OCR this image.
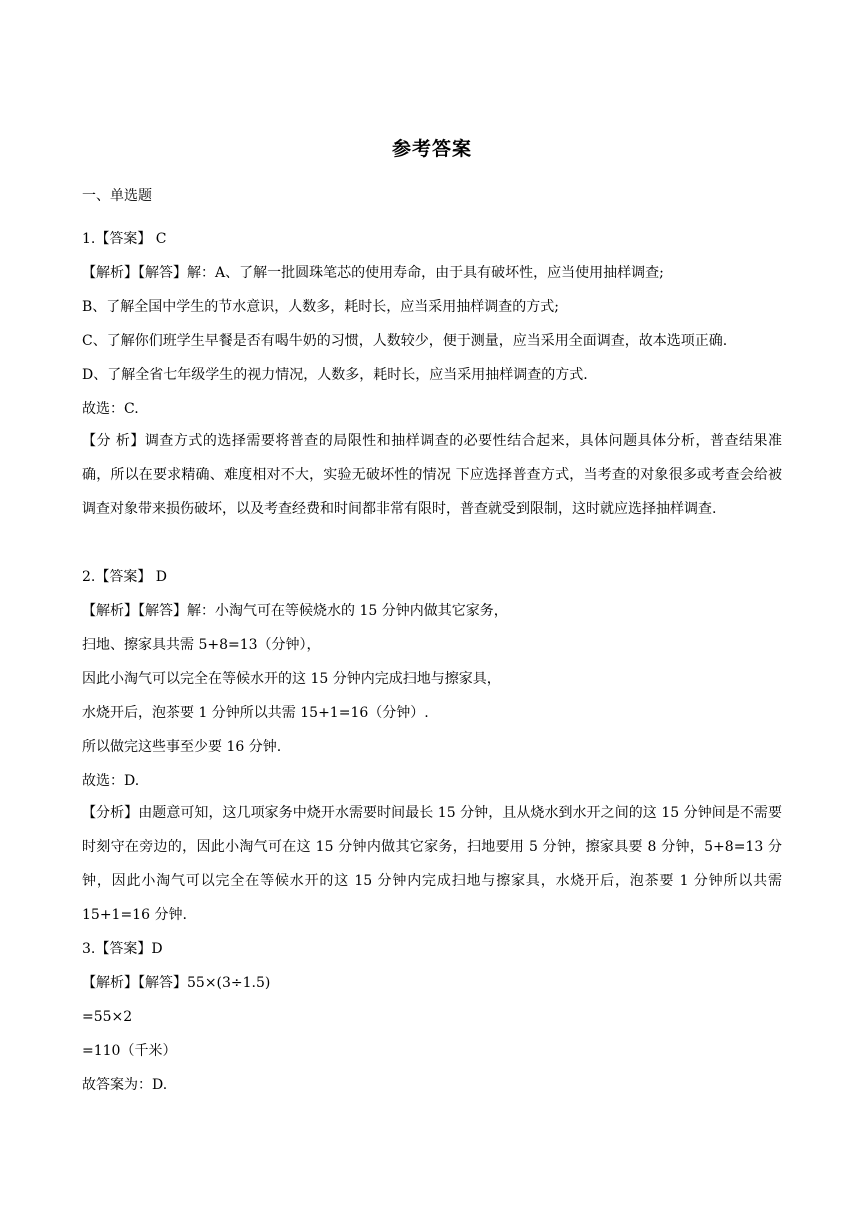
参考答案
一、单选题
1.【答案】 C
【解析】【解答】解：A、了解一批圆珠笔芯的使用寿命，由于具有破坏性，应当使用抽样调查;
B、了解全国中学生的节水意识，人数多，耗时长，应当采用抽样调查的方式;
C、了解你们班学生早餐是否有喝牛奶的习惯，人数较少，便于测量，应当采用全面调查，故本选项正确.
D、了解全省七年级学生的视力情况，人数多，耗时长，应当采用抽样调查的方式.
故选：C.
【分 析】调查方式的选择需要将普查的局限性和抽样调查的必要性结合起来，具体问题具体分析，普查结果准确，所以在要求精确、难度相对不大，实验无破坏性的情况 下应选择普查方式，当考查的对象很多或考查会给被调查对象带来损伤破坏，以及考查经费和时间都非常有限时，普查就受到限制，这时就应选择抽样调查.
2.【答案】 D
【解析】【解答】解：小淘气可在等候烧水的 15 分钟内做其它家务，
扫地、擦家具共需 5+8=13（分钟），
因此小淘气可以完全在等候水开的这 15 分钟内完成扫地与擦家具，
水烧开后，泡茶要 1 分钟所以共需 15+1=16（分钟）.
所以做完这些事至少要 16 分钟.
故选：D.
【分析】由题意可知，这几项家务中烧开水需要时间最长 15 分钟，且从烧水到水开之间的这 15 分钟间是不需要时刻守在旁边的，因此小淘气可在这 15 分钟内做其它家务，扫地要用 5 分钟，擦家具要 8 分钟，5+8=13 分钟，因此小淘气可以完全在等候水开的这 15 分钟内完成扫地与擦家具，水烧开后，泡茶要 1 分钟所以共需 15+1=16 分钟.
3.【答案】D
【解析】【解答】55×(3÷1.5)
=55×2
=110（千米）
故答案为：D.
